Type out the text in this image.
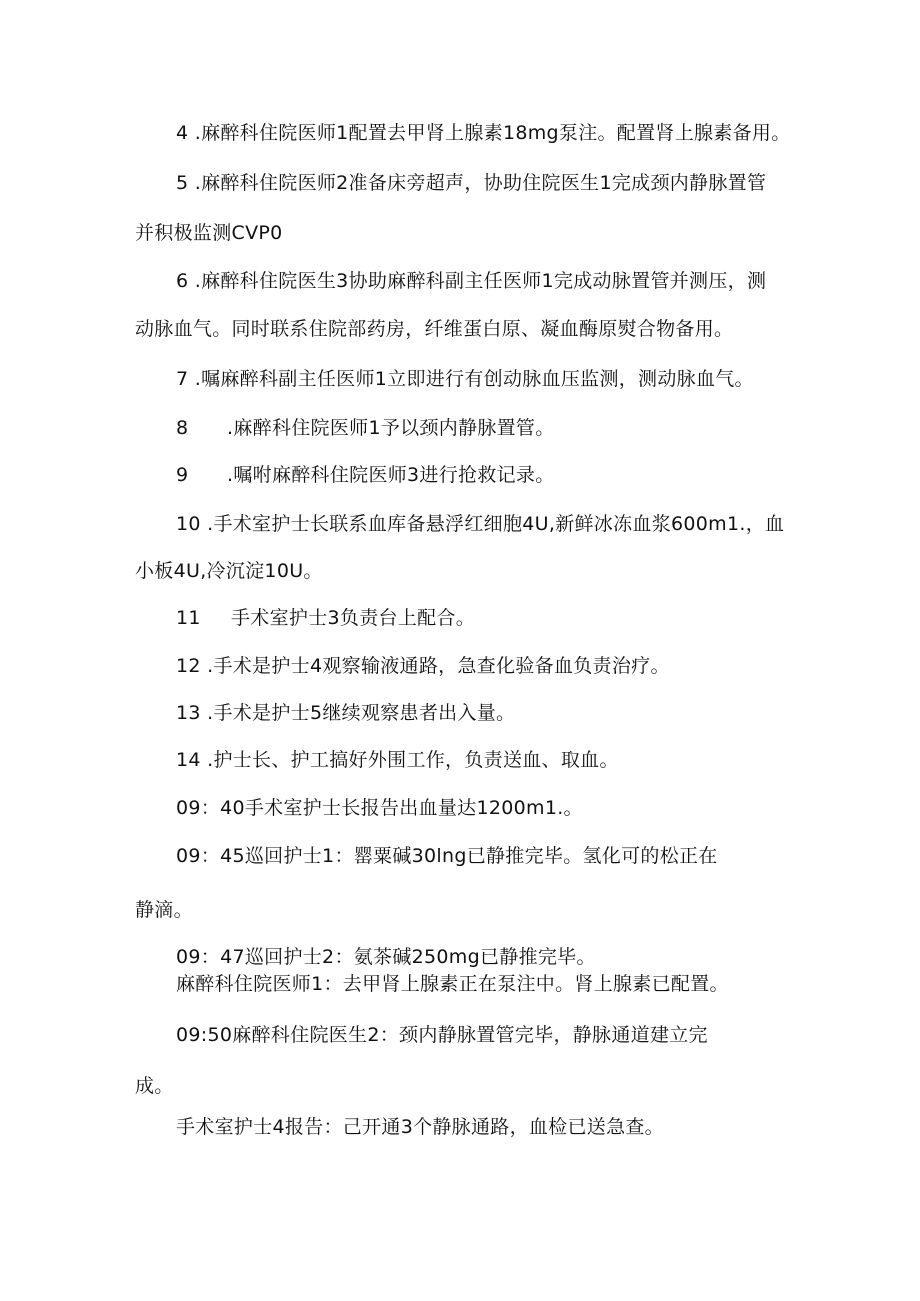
4 .麻醉科住院医师1配置去甲肾上腺素18mg泵注。配置肾上腺素备用。
5 .麻醉科住院医师2准备床旁超声，协助住院医生1完成颈内静脉置管
并积极监测CVP0
6 .麻醉科住院医生3协助麻醉科副主任医师1完成动脉置管并测压，测
动脉血气。同时联系住院部药房，纤维蛋白原、凝血酶原熨合物备用。
7 .嘱麻醉科副主任医师1立即进行有创动脉血压监测，测动脉血气。
8 .麻醉科住院医师1予以颈内静脉置管。
9 .嘱咐麻醉科住院医师3进行抢救记录。
10 .手术室护士长联系血库备悬浮红细胞4U,新鲜冰冻血浆600m1.，血
小板4U,冷沉淀10U。
11 手术室护士3负责台上配合。
12 .手术是护士4观察输液通路，急查化验备血负责治疗。
13 .手术是护士5继续观察患者出入量。
14 .护士长、护工搞好外围工作，负责送血、取血。
09：40手术室护士长报告出血量达1200m1.。
09：45巡回护士1：罂粟碱30lng已静推完毕。氢化可的松正在
静滴。
09：47巡回护士2：氨茶碱250mg已静推完毕。
麻醉科住院医师1：去甲肾上腺素正在泵注中。肾上腺素已配置。
09:50麻醉科住院医生2：颈内静脉置管完毕，静脉通道建立完
成。
手术室护士4报告：己开通3个静脉通路，血检已送急查。
